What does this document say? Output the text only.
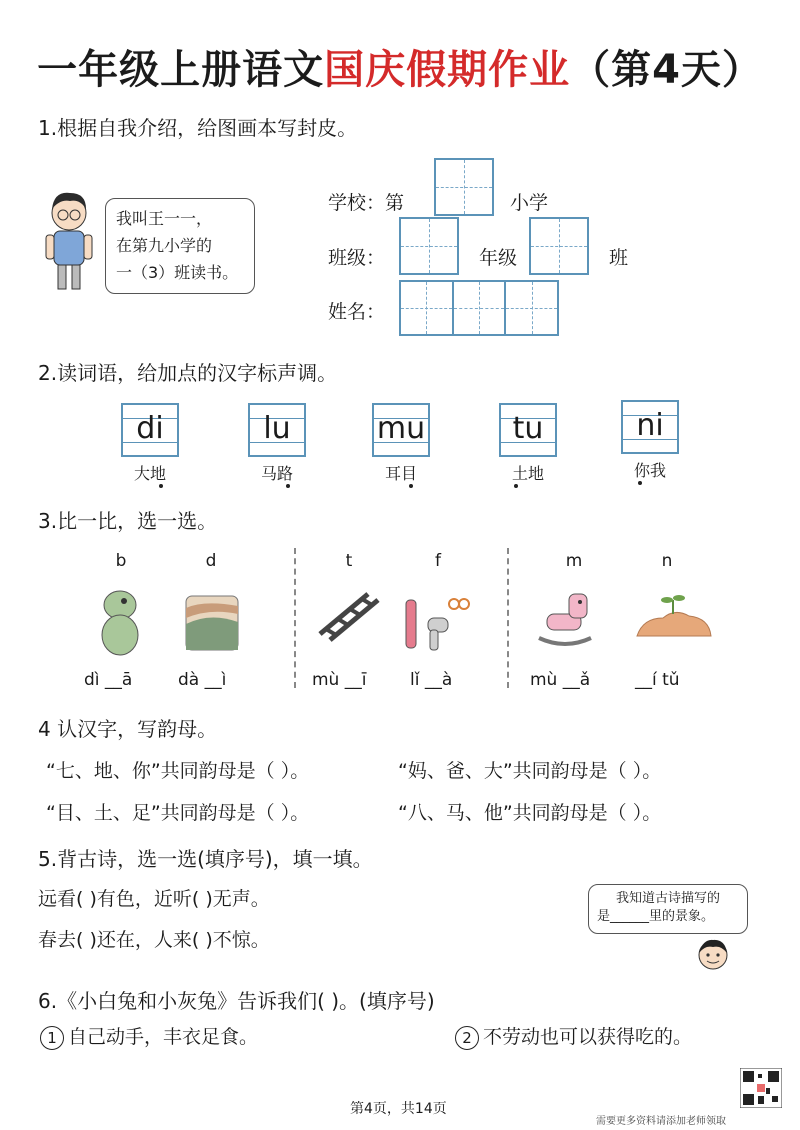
一年级上册语文国庆假期作业（第4天）
1.根据自我介绍，给图画本写封皮。
我叫王一一，
在第九小学的
一（3）班读书。
学校：第	小学
班级：	年级	班
姓名：
2.读词语，给加点的汉字标声调。
di
大地
lu
马路
mu
耳目
tu
土地
ni
你我
3.比一比，选一选。
b	d	t	f	m	n
dì __ā	dà __ì	mù __ī	lǐ __à	mù __ǎ	__í tǔ
4 认汉字，写韵母。
“七、地、你”共同韵母是（ ）。	“妈、爸、大”共同韵母是（ ）。
“目、土、足”共同韵母是（ ）。	“八、马、他”共同韵母是（ ）。
5.背古诗，选一选(填序号)，填一填。
远看( )有色，近听( )无声。
春去( )还在，人来( )不惊。
我知道古诗描写的
是______里的景象。
6.《小白兔和小灰兔》告诉我们( )。(填序号)
1 自己动手，丰衣足食。	2 不劳动也可以获得吃的。
第4页，共14页
需要更多资料请添加老师领取
